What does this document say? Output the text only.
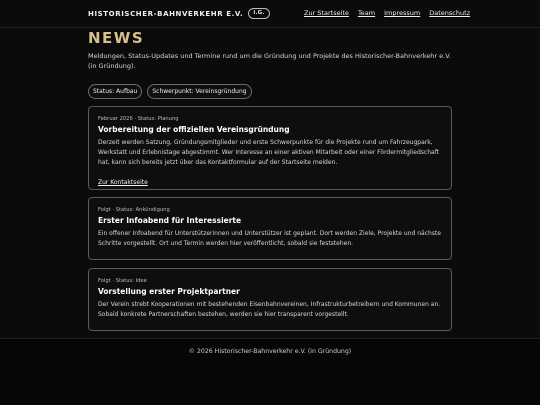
HISTORISCHER-BAHNVERKEHR E.V.	i.G.	Zur Startseite Team Impressum Datenschutz
NEWS
Meldungen, Status-Updates und Termine rund um die Gründung und Projekte des Historischer-Bahnverkehr e.V. (in Gründung).
Status: Aufbau	Schwerpunkt: Vereinsgründung
Februar 2026 · Status: Planung
Vorbereitung der offiziellen Vereinsgründung
Derzeit werden Satzung, Gründungsmitglieder und erste Schwerpunkte für die Projekte rund um Fahrzeugpark, Werkstatt und Erlebnistage abgestimmt. Wer Interesse an einer aktiven Mitarbeit oder einer Fördermitgliedschaft hat, kann sich bereits jetzt über das Kontaktformular auf der Startseite melden.
Zur Kontaktseite
Folgt · Status: Ankündigung
Erster Infoabend für Interessierte
Ein offener Infoabend für Unterstützerinnen und Unterstützer ist geplant. Dort werden Ziele, Projekte und nächste Schritte vorgestellt. Ort und Termin werden hier veröffentlicht, sobald sie feststehen.
Folgt · Status: Idee
Vorstellung erster Projektpartner
Der Verein strebt Kooperationen mit bestehenden Eisenbahnvereinen, Infrastrukturbetreibern und Kommunen an. Sobald konkrete Partnerschaften bestehen, werden sie hier transparent vorgestellt.
© 2026 Historischer-Bahnverkehr e.V. (in Gründung)
